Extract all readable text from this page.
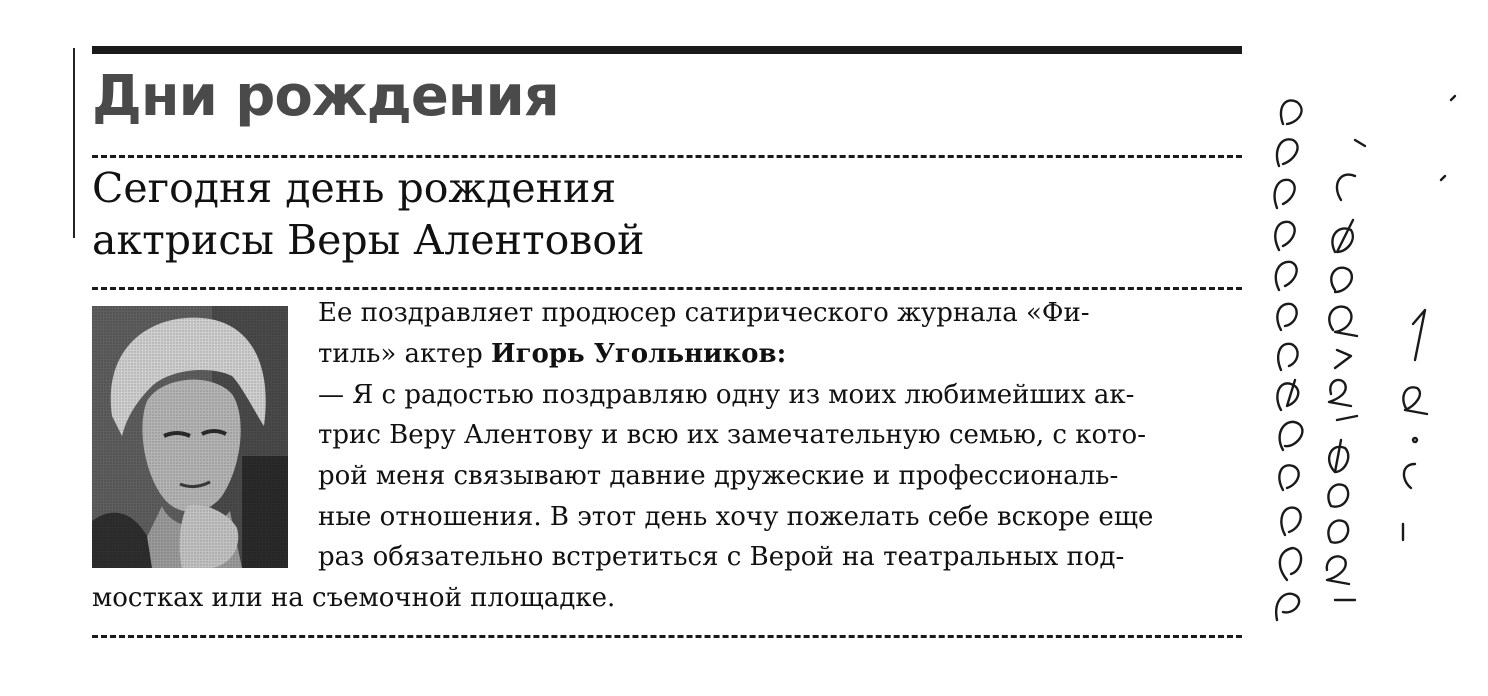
Дни рождения
Сегодня день рождения
актрисы Веры Алентовой
Ее поздравляет продюсер сатирического журнала «Фи-
тиль» актер Игорь Угольников:
— Я с радостью поздравляю одну из моих любимейших ак-
трис Веру Алентову и всю их замечательную семью, с кото-
рой меня связывают давние дружеские и профессиональ-
ные отношения. В этот день хочу пожелать себе вскоре еще
раз обязательно встретиться с Верой на театральных под-
мостках или на съемочной площадке.
